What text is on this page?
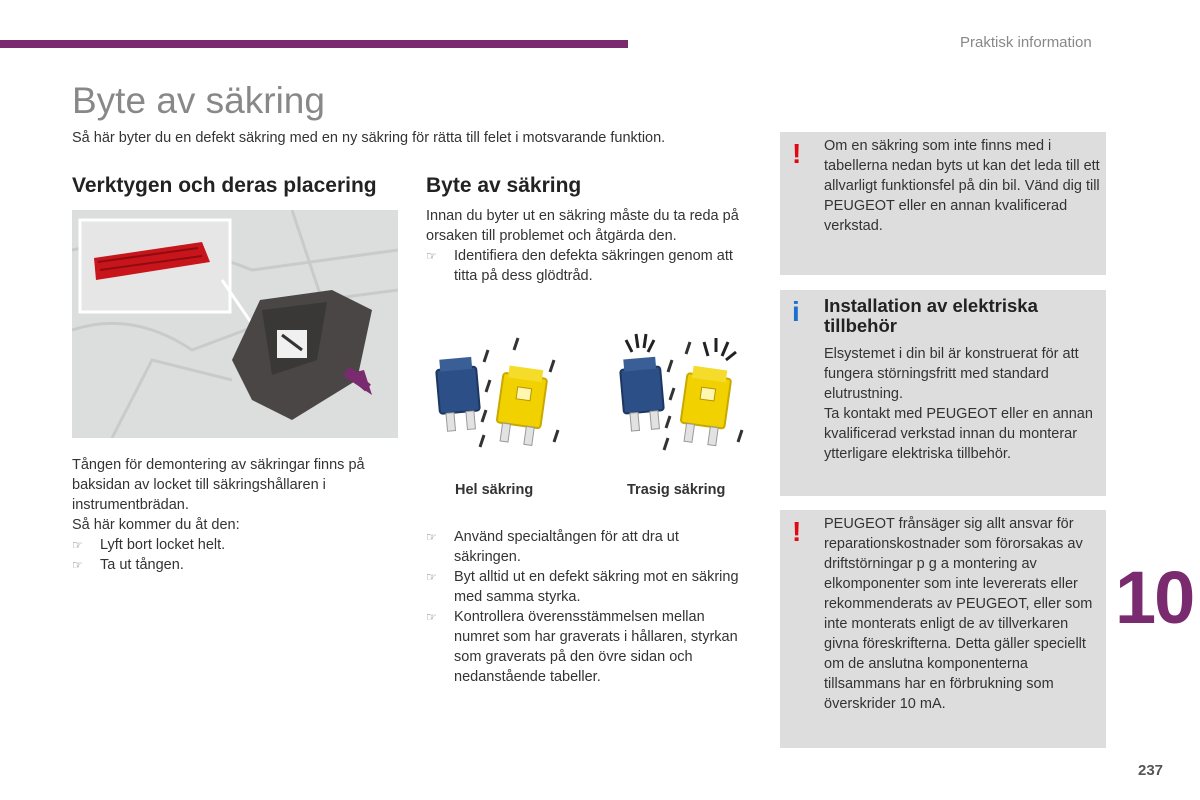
Praktisk information
Byte av säkring

Så här byter du en defekt säkring med en ny säkring för rätta till felet i motsvarande funktion.

Verktygen och deras placering Byte av säkring

Tången för demontering av säkringar finns på baksidan av locket till säkringshållaren i instrumentbrädan.

Så här kommer du åt den:

☞	Lyft bort locket helt.
☞	Ta ut tången.

Innan du byter ut en säkring måste du ta reda på orsaken till problemet och åtgärda den.

☞	Identifiera den defekta säkringen genom att titta på dess glödtråd.
Hel säkring	Trasig säkring
☞	Använd specialtången för att dra ut säkringen.
☞	Byt alltid ut en defekt säkring mot en säkring med samma styrka.
☞	Kontrollera överensstämmelsen mellan numret som har graverats i hållaren, styrkan som graverats på den övre sidan och nedanstående tabeller.
! Om en säkring som inte finns med i tabellerna nedan byts ut kan det leda till ett allvarligt funktionsfel på din bil. Vänd dig till PEUGEOT eller en annan kvalificerad verkstad.

i Installation av elektriska tillbehör

Elsystemet i din bil är konstruerat för att fungera störningsfritt med standard elutrustning.

Ta kontakt med PEUGEOT eller en annan kvalificerad verkstad innan du monterar ytterligare elektriska tillbehör.

! PEUGEOT frånsäger sig allt ansvar för reparationskostnader som förorsakas av driftstörningar p g a montering av elkomponenter som inte levererats eller rekommenderats av PEUGEOT, eller som inte monterats enligt de av tillverkaren givna föreskrifterna. Detta gäller speciellt om de anslutna komponenterna tillsammans har en förbrukning som överskrider 10 mA.

10
237
